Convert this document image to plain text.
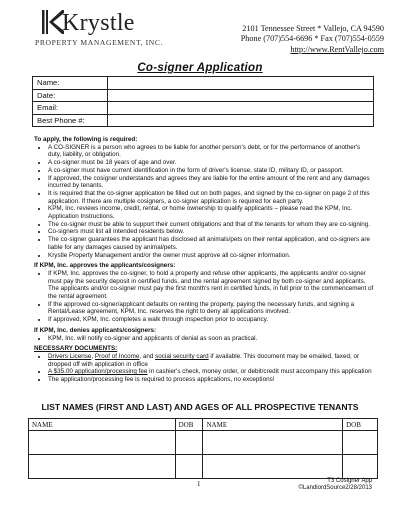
Krystle
PROPERTY MANAGEMENT, INC.
2101 Tennessee Street * Vallejo, CA 94590
Phone (707)554-6696 * Fax (707)554-0559
http://www.RentVallejo.com
Co-signer Application
Name:	
Date:	
Email:	
Best Phone #:	
To apply, the following is required:
• A CO-SIGNER is a person who agrees to be liable for another person's debt, or for the performance of another's duty, liability, or obligation.
• A co-signer must be 18 years of age and over.
• A co-signer must have current identification in the form of driver's license, state ID, military ID, or passport.
• If approved, the cosigner understands and agrees they are liable for the entire amount of the rent and any damages incurred by tenants.
• It is required that the co-signer application be filled out on both pages, and signed by the co-signer on page 2 of this application. If there are multiple cosigners, a co-signer application is required for each party.
• KPM, Inc. reviews income, credit, rental, or home ownership to qualify applicants – please read the KPM, Inc. Application Instructions.
• The co-signer must be able to support their current obligations and that of the tenants for whom they are co-signing.
• Co-signers must list all intended residents below.
• The co-signer guarantees the applicant has disclosed all animals/pets on their rental application, and co-signers are liable for any damages caused by animal/pets.
• Krystle Property Management and/or the owner must approve all co-signer information.
If KPM, Inc. approves the applicants/cosigners:
• If KPM, Inc. approves the co-signer, to hold a property and refuse other applicants, the applicants and/or co-signer must pay the security deposit in certified funds, and the rental agreement signed by both co-signer and applicants. The applicants and/or co-signer must pay the first month's rent in certified funds, in full prior to the commencement of the rental agreement.
• If the approved co-signer/applicant defaults on renting the property, paying the necessary funds, and signing a Rental/Lease agreement, KPM, Inc. reserves the right to deny all applications involved.
• If approved, KPM, Inc. completes a walk through inspection prior to occupancy.
If KPM, Inc. denies applicants/cosigners:
• KPM, Inc. will notify co-signer and applicants of denial as soon as practical.
NECESSARY DOCUMENTS:
• Drivers License, Proof of Income, and social security card if available. This document may be emailed, faxed, or dropped off with application in office
• A $35.00 application/processing fee in cashier's check, money order, or debit/credit must accompany this application
• The application/processing fee is required to process applications, no exceptions!
LIST NAMES (FIRST AND LAST) AND AGES OF ALL PROSPECTIVE TENANTS
NAME	DOB	NAME	DOB

1	T3 Cosigner App
©LandlordSource2/28/2013
